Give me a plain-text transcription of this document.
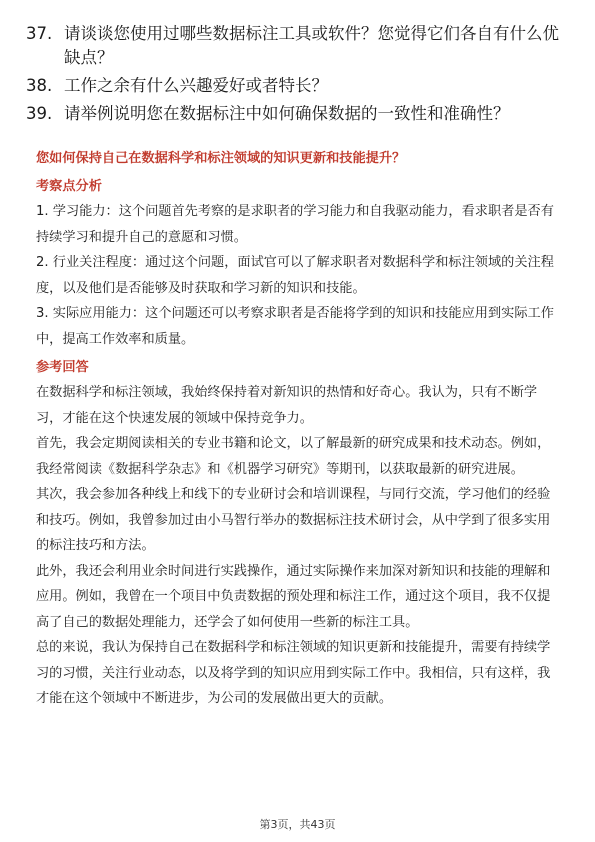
37. 请谈谈您使用过哪些数据标注工具或软件？您觉得它们各自有什么优缺点？
38. 工作之余有什么兴趣爱好或者特长？
39. 请举例说明您在数据标注中如何确保数据的一致性和准确性？

您如何保持自己在数据科学和标注领域的知识更新和技能提升？

考察点分析

1. 学习能力：这个问题首先考察的是求职者的学习能力和自我驱动能力，看求职者是否有持续学习和提升自己的意愿和习惯。

2. 行业关注程度：通过这个问题，面试官可以了解求职者对数据科学和标注领域的关注程度，以及他们是否能够及时获取和学习新的知识和技能。

3. 实际应用能力：这个问题还可以考察求职者是否能将学到的知识和技能应用到实际工作中，提高工作效率和质量。

参考回答

在数据科学和标注领域，我始终保持着对新知识的热情和好奇心。我认为，只有不断学习，才能在这个快速发展的领域中保持竞争力。

首先，我会定期阅读相关的专业书籍和论文，以了解最新的研究成果和技术动态。例如，我经常阅读《数据科学杂志》和《机器学习研究》等期刊，以获取最新的研究进展。

其次，我会参加各种线上和线下的专业研讨会和培训课程，与同行交流，学习他们的经验和技巧。例如，我曾参加过由小马智行举办的数据标注技术研讨会，从中学到了很多实用的标注技巧和方法。

此外，我还会利用业余时间进行实践操作，通过实际操作来加深对新知识和技能的理解和应用。例如，我曾在一个项目中负责数据的预处理和标注工作，通过这个项目，我不仅提高了自己的数据处理能力，还学会了如何使用一些新的标注工具。

总的来说，我认为保持自己在数据科学和标注领域的知识更新和技能提升，需要有持续学习的习惯，关注行业动态，以及将学到的知识应用到实际工作中。我相信，只有这样，我才能在这个领域中不断进步，为公司的发展做出更大的贡献。

第3页，共43页
